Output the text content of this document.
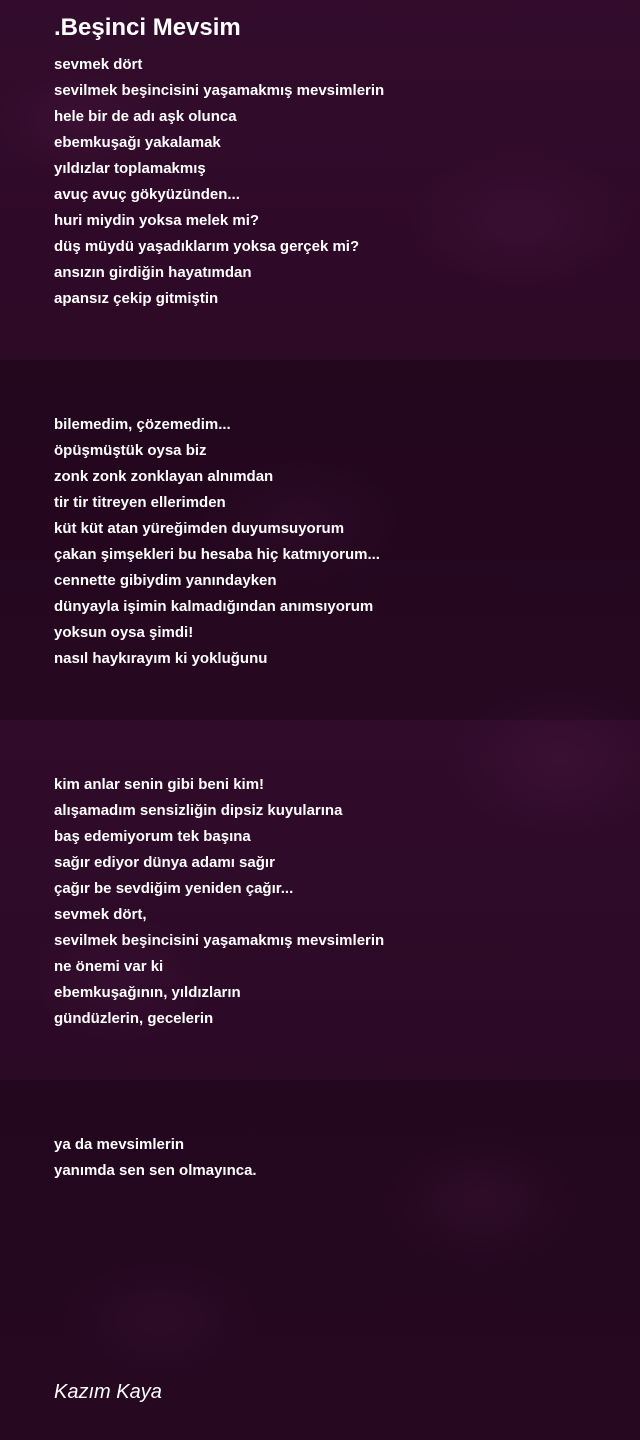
.Beşinci Mevsim
sevmek dört
sevilmek beşincisini yaşamakmış mevsimlerin
hele bir de adı aşk olunca
ebemkuşağı yakalamak
yıldızlar toplamakmış
avuç avuç gökyüzünden...
huri miydin yoksa melek mi?
düş müydü yaşadıklarım yoksa gerçek mi?
ansızın girdiğin hayatımdan
apansız çekip gitmiştin
bilemedim, çözemedim...
öpüşmüştük oysa biz
zonk zonk zonklayan alnımdan
tir tir titreyen ellerimden
küt küt atan yüreğimden duyumsuyorum
çakan şimşekleri bu hesaba hiç katmıyorum...
cennette gibiydim yanındayken
dünyayla işimin kalmadığından anımsıyorum
yoksun oysa şimdi!
nasıl haykırayım ki yokluğunu
kim anlar senin gibi beni kim!
alışamadım sensizliğin dipsiz kuyularına
baş edemiyorum tek başına
sağır ediyor dünya adamı sağır
çağır be sevdiğim yeniden çağır...
sevmek dört,
sevilmek beşincisini yaşamakmış mevsimlerin
ne önemi var ki
ebemkuşağının, yıldızların
gündüzlerin, gecelerin
ya da mevsimlerin
yanımda sen sen olmayınca.

Kazım Kaya
